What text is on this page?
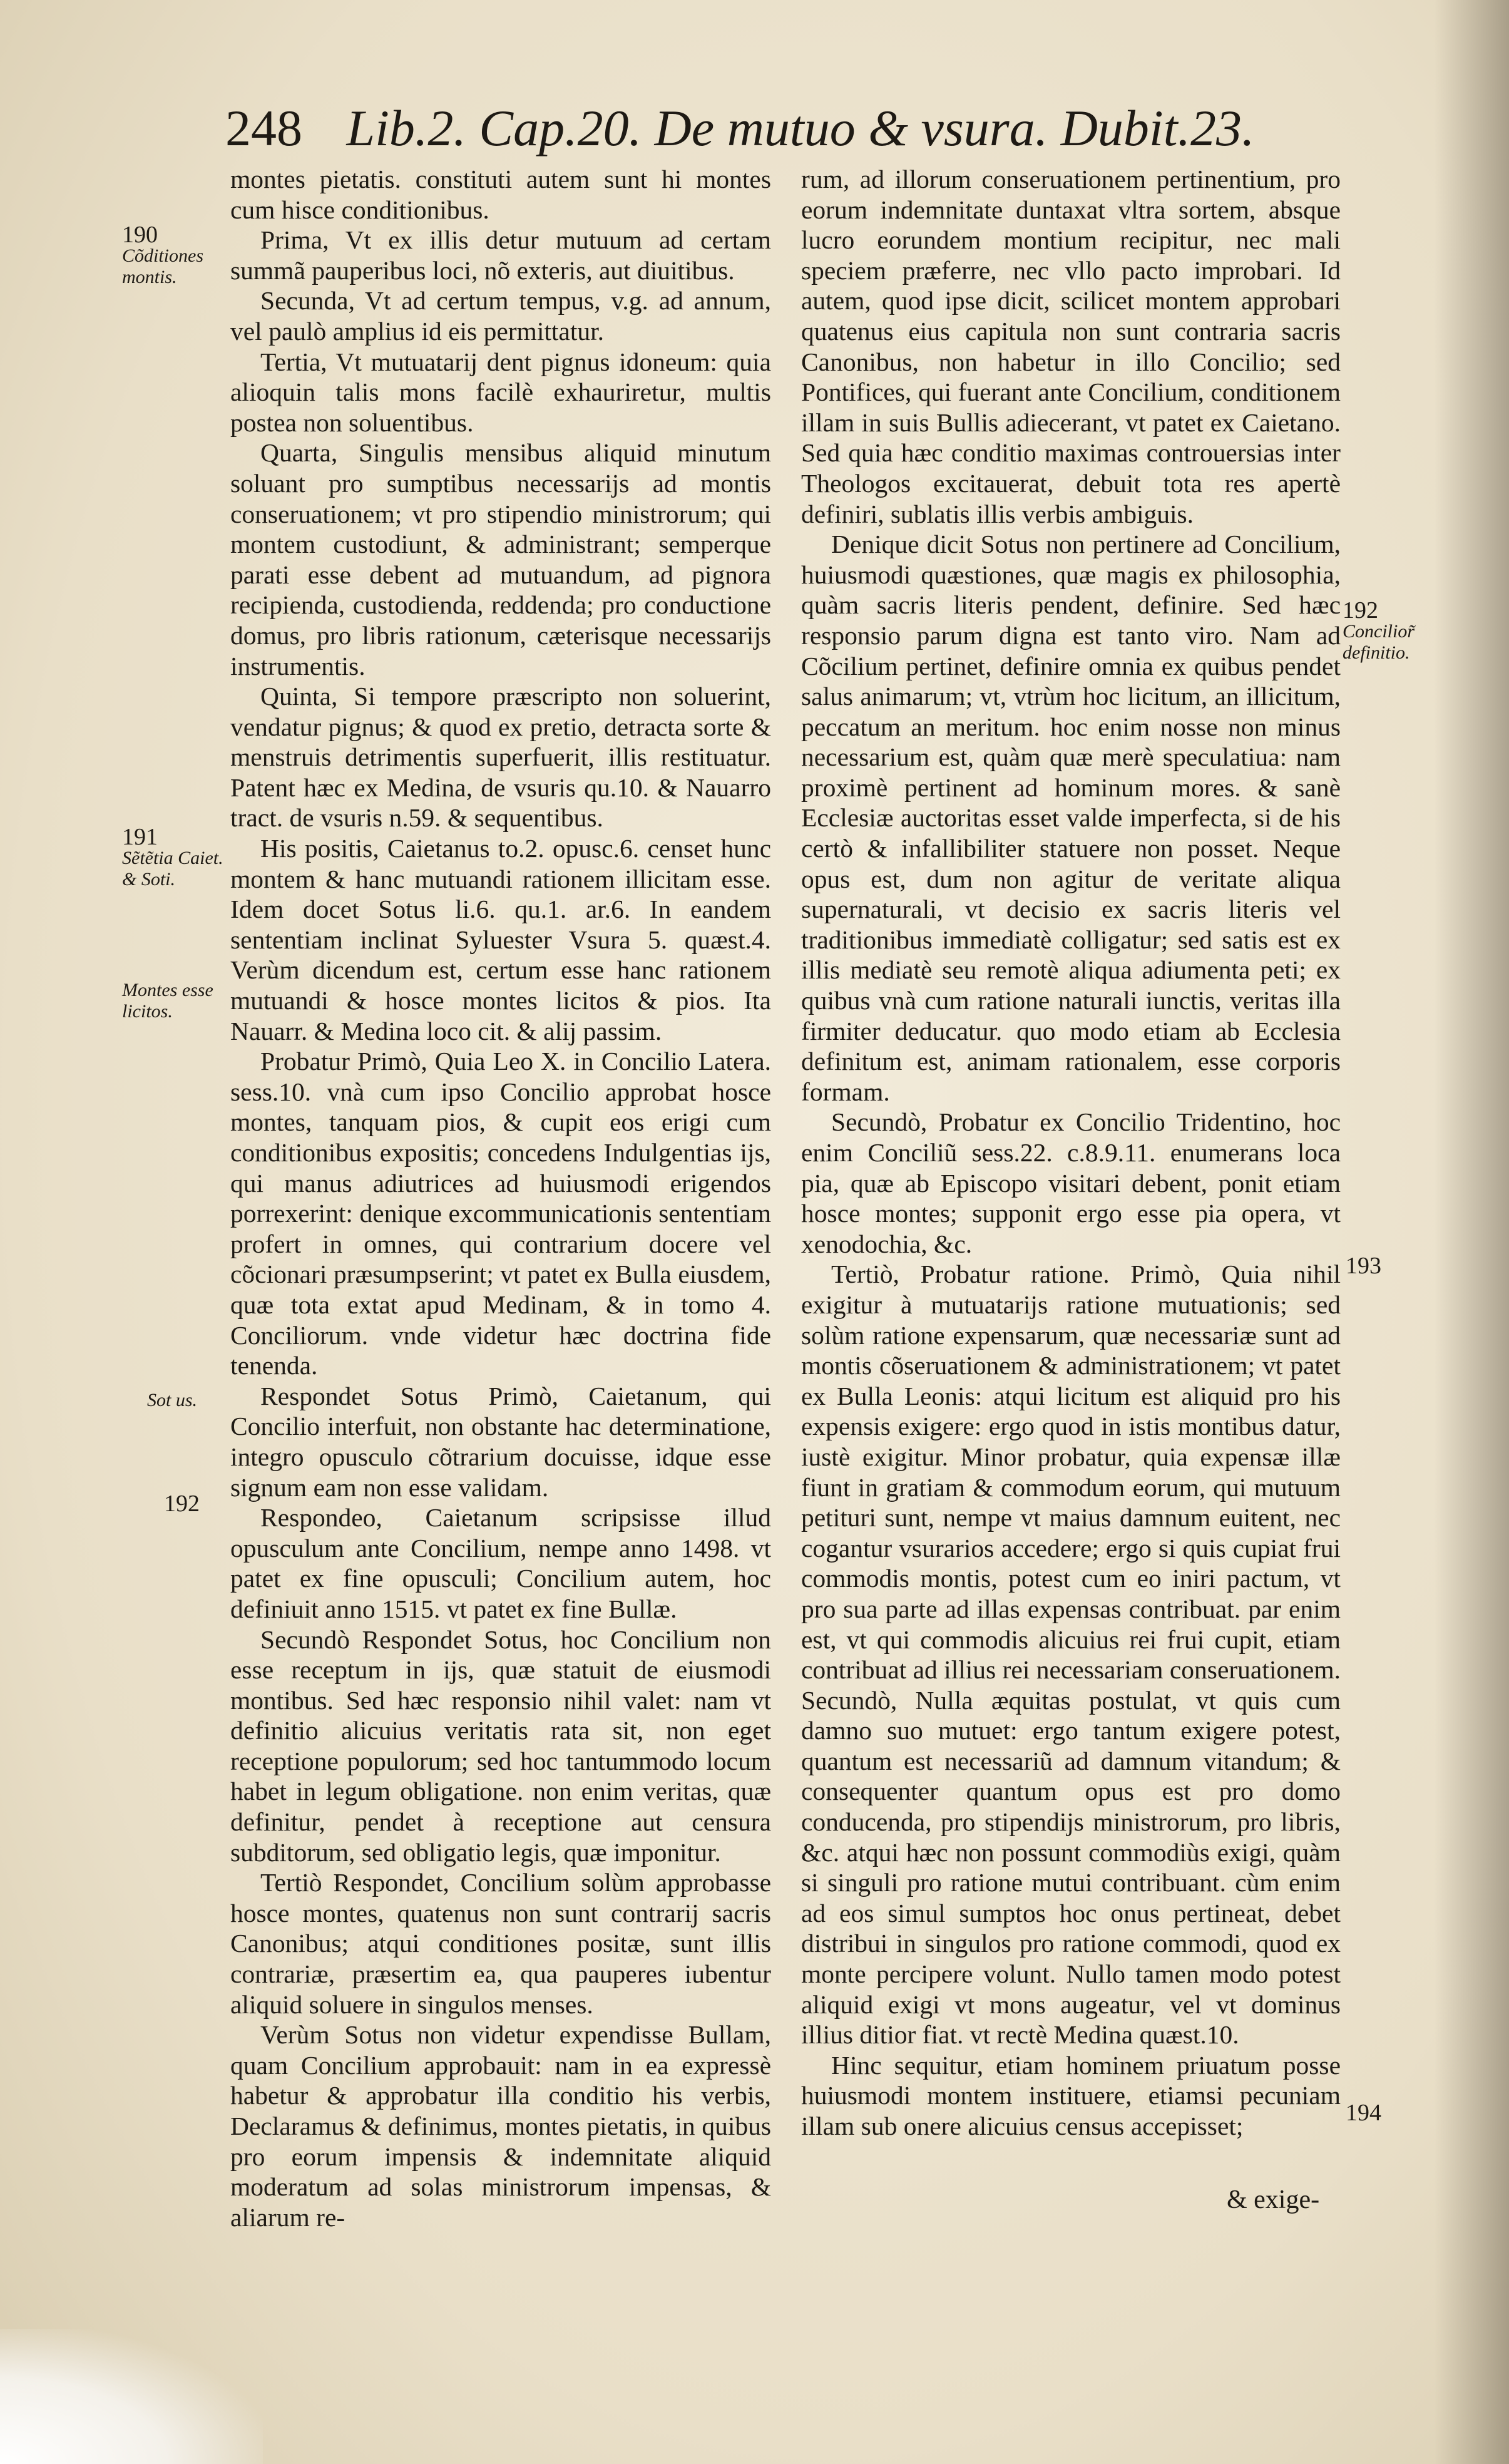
248 Lib.2. Cap.20. De mutuo & vsura. Dubit.23.

montes pietatis. constituti autem sunt hi montes cum hisce conditionibus.

Prima, Vt ex illis detur mutuum ad certam summã pauperibus loci, nõ exteris, aut diuitibus.

Secunda, Vt ad certum tempus, v.g. ad annum, vel paulò amplius id eis permittatur.

Tertia, Vt mutuatarij dent pignus idoneum: quia alioquin talis mons facilè exhauriretur, multis postea non soluentibus.

Quarta, Singulis mensibus aliquid minutum soluant pro sumptibus necessarijs ad montis conseruationem; vt pro stipendio ministrorum; qui montem custodiunt, & administrant; semperque parati esse debent ad mutuandum, ad pignora recipienda, custodienda, reddenda; pro conductione domus, pro libris rationum, cæterisque necessarijs instrumentis.

Quinta, Si tempore præscripto non soluerint, vendatur pignus; & quod ex pretio, detracta sorte & menstruis detrimentis superfuerit, illis restituatur. Patent hæc ex Medina, de vsuris qu.10. & Nauarro tract. de vsuris n.59. & sequentibus.

His positis, Caietanus to.2. opusc.6. censet hunc montem & hanc mutuandi rationem illicitam esse. Idem docet Sotus li.6. qu.1. ar.6. In eandem sententiam inclinat Syluester Vsura 5. quæst.4. Verùm dicendum est, certum esse hanc rationem mutuandi & hosce montes licitos & pios. Ita Nauarr. & Medina loco cit. & alij passim.

Probatur Primò, Quia Leo X. in Concilio Latera. sess.10. vnà cum ipso Concilio approbat hosce montes, tanquam pios, & cupit eos erigi cum conditionibus expositis; concedens Indulgentias ijs, qui manus adiutrices ad huiusmodi erigendos porrexerint: denique excommunicationis sententiam profert in omnes, qui contrarium docere vel cõcionari præsumpserint; vt patet ex Bulla eiusdem, quæ tota extat apud Medinam, & in tomo 4. Conciliorum. vnde videtur hæc doctrina fide tenenda.

Respondet Sotus Primò, Caietanum, qui Concilio interfuit, non obstante hac determinatione, integro opusculo cõtrarium docuisse, idque esse signum eam non esse validam.

Respondeo, Caietanum scripsisse illud opusculum ante Concilium, nempe anno 1498. vt patet ex fine opusculi; Concilium autem, hoc definiuit anno 1515. vt patet ex fine Bullæ.

Secundò Respondet Sotus, hoc Concilium non esse receptum in ijs, quæ statuit de eiusmodi montibus. Sed hæc responsio nihil valet: nam vt definitio alicuius veritatis rata sit, non eget receptione populorum; sed hoc tantummodo locum habet in legum obligatione. non enim veritas, quæ definitur, pendet à receptione aut censura subditorum, sed obligatio legis, quæ imponitur.

Tertiò Respondet, Concilium solùm approbasse hosce montes, quatenus non sunt contrarij sacris Canonibus; atqui conditiones positæ, sunt illis contrariæ, præsertim ea, qua pauperes iubentur aliquid soluere in singulos menses.

Verùm Sotus non videtur expendisse Bullam, quam Concilium approbauit: nam in ea expressè habetur & approbatur illa conditio his verbis, Declaramus & definimus, montes pietatis, in quibus pro eorum impensis & indemnitate aliquid moderatum ad solas ministrorum impensas, & aliarum re-

rum, ad illorum conseruationem pertinentium, pro eorum indemnitate duntaxat vltra sortem, absque lucro eorundem montium recipitur, nec mali speciem præferre, nec vllo pacto improbari. Id autem, quod ipse dicit, scilicet montem approbari quatenus eius capitula non sunt contraria sacris Canonibus, non habetur in illo Concilio; sed Pontifices, qui fuerant ante Concilium, conditionem illam in suis Bullis adiecerant, vt patet ex Caietano. Sed quia hæc conditio maximas controuersias inter Theologos excitauerat, debuit tota res apertè definiri, sublatis illis verbis ambiguis.

Denique dicit Sotus non pertinere ad Concilium, huiusmodi quæstiones, quæ magis ex philosophia, quàm sacris literis pendent, definire. Sed hæc responsio parum digna est tanto viro. Nam ad Cõcilium pertinet, definire omnia ex quibus pendet salus animarum; vt, vtrùm hoc licitum, an illicitum, peccatum an meritum. hoc enim nosse non minus necessarium est, quàm quæ merè speculatiua: nam proximè pertinent ad hominum mores. & sanè Ecclesiæ auctoritas esset valde imperfecta, si de his certò & infallibiliter statuere non posset. Neque opus est, dum non agitur de veritate aliqua supernaturali, vt decisio ex sacris literis vel traditionibus immediatè colligatur; sed satis est ex illis mediatè seu remotè aliqua adiumenta peti; ex quibus vnà cum ratione naturali iunctis, veritas illa firmiter deducatur. quo modo etiam ab Ecclesia definitum est, animam rationalem, esse corporis formam.

Secundò, Probatur ex Concilio Tridentino, hoc enim Conciliũ sess.22. c.8.9.11. enumerans loca pia, quæ ab Episcopo visitari debent, ponit etiam hosce montes; supponit ergo esse pia opera, vt xenodochia, &c.

Tertiò, Probatur ratione. Primò, Quia nihil exigitur à mutuatarijs ratione mutuationis; sed solùm ratione expensarum, quæ necessariæ sunt ad montis cõseruationem & administrationem; vt patet ex Bulla Leonis: atqui licitum est aliquid pro his expensis exigere: ergo quod in istis montibus datur, iustè exigitur. Minor probatur, quia expensæ illæ fiunt in gratiam & commodum eorum, qui mutuum petituri sunt, nempe vt maius damnum euitent, nec cogantur vsurarios accedere; ergo si quis cupiat frui commodis montis, potest cum eo iniri pactum, vt pro sua parte ad illas expensas contribuat. par enim est, vt qui commodis alicuius rei frui cupit, etiam contribuat ad illius rei necessariam conseruationem. Secundò, Nulla æquitas postulat, vt quis cum damno suo mutuet: ergo tantum exigere potest, quantum est necessariũ ad damnum vitandum; & consequenter quantum opus est pro domo conducenda, pro stipendijs ministrorum, pro libris, &c. atqui hæc non possunt commodiùs exigi, quàm si singuli pro ratione mutui contribuant. cùm enim ad eos simul sumptos hoc onus pertineat, debet distribui in singulos pro ratione commodi, quod ex monte percipere volunt. Nullo tamen modo potest aliquid exigi vt mons augeatur, vel vt dominus illius ditior fiat. vt rectè Medina quæst.10.

Hinc sequitur, etiam hominem priuatum posse huiusmodi montem instituere, etiamsi pecuniam illam sub onere alicuius census accepisset;

& exige-
190
Cõditiones montis.
191
Sẽtẽtia Caiet. & Soti.
Montes esse licitos.
Sot us.
192
192
Concilior̃ definitio.
193
194
